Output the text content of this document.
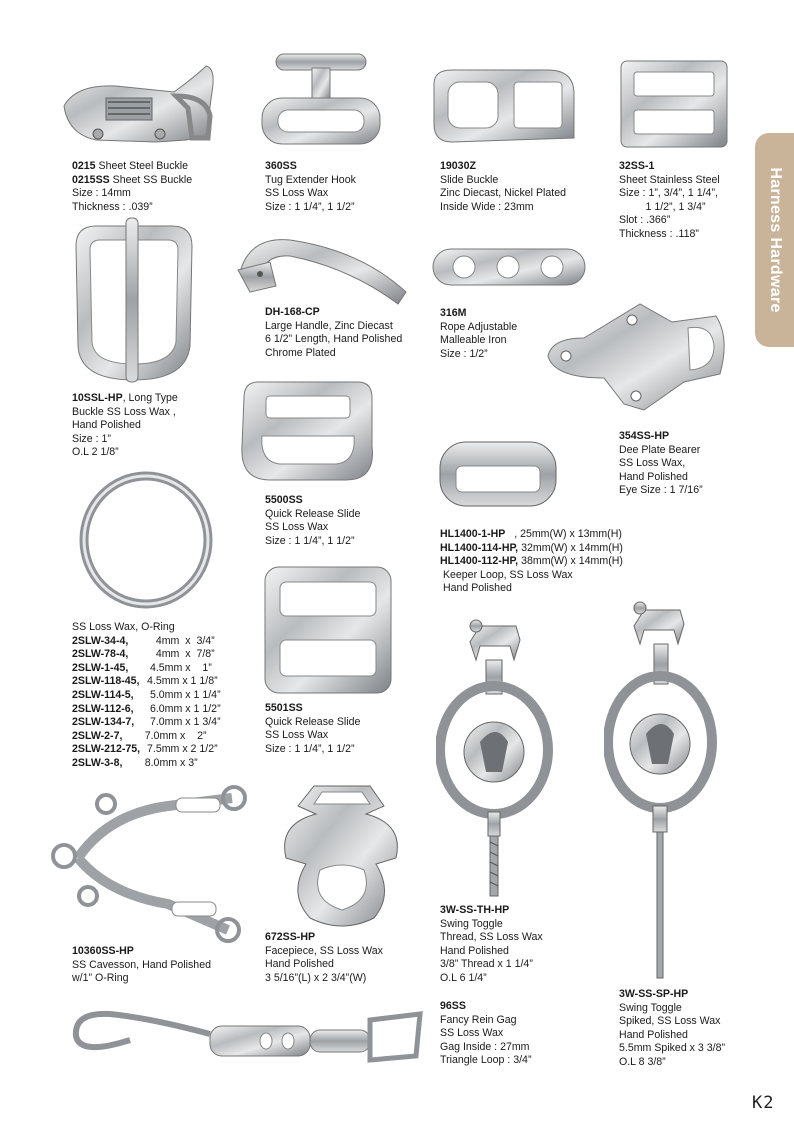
Harness Hardware
0215 Sheet Steel Buckle
0215SS Sheet SS Buckle
Size : 14mm
Thickness : .039”
360SS
Tug Extender Hook
SS Loss Wax
Size : 1 1/4”, 1 1/2”
19030Z
Slide Buckle
Zinc Diecast, Nickel Plated
Inside Wide : 23mm
32SS-1
Sheet Stainless Steel
Size : 1”, 3/4”, 1 1/4”,
1 1/2”, 1 3/4”
Slot : .366”
Thickness : .118”
DH-168-CP
Large Handle, Zinc Diecast
6 1/2” Length, Hand Polished
Chrome Plated
316M
Rope Adjustable
Malleable Iron
Size : 1/2”
10SSL-HP, Long Type
Buckle SS Loss Wax ,
Hand Polished
Size : 1”
O.L 2 1/8”
354SS-HP
Dee Plate Bearer
SS Loss Wax,
Hand Polished
Eye Size : 1 7/16”
5500SS
Quick Release Slide
SS Loss Wax
Size : 1 1/4”, 1 1/2”
HL1400-1-HP   , 25mm(W) x 13mm(H)
HL1400-114-HP, 32mm(W) x 14mm(H)
HL1400-112-HP, 38mm(W) x 14mm(H)
Keeper Loop, SS Loss Wax
Hand Polished
SS Loss Wax, O-Ring
2SLW-34-4,	4mm  x  3/4”
2SLW-78-4,	4mm  x  7/8”
2SLW-1-45,	4.5mm x    1”
2SLW-118-45, 4.5mm x 1 1/8”
2SLW-114-5,	5.0mm x 1 1/4”
2SLW-112-6,	6.0mm x 1 1/2”
2SLW-134-7,	7.0mm x 1 3/4”
2SLW-2-7, 7.0mm x    2”
2SLW-212-75, 7.5mm x 2 1/2”
2SLW-3-8, 8.0mm x 3”
5501SS
Quick Release Slide
SS Loss Wax
Size : 1 1/4”, 1 1/2”
10360SS-HP
SS Cavesson, Hand Polished
w/1” O-Ring
672SS-HP
Facepiece, SS Loss Wax
Hand Polished
3 5/16”(L) x 2 3/4”(W)
3W-SS-TH-HP
Swing Toggle
Thread, SS Loss Wax
Hand Polished
3/8” Thread x 1 1/4”
O.L 6 1/4”
96SS
Fancy Rein Gag
SS Loss Wax
Gag Inside : 27mm
Triangle Loop : 3/4”
3W-SS-SP-HP
Swing Toggle
Spiked, SS Loss Wax
Hand Polished
5.5mm Spiked x 3 3/8”
O.L 8 3/8”
K2
